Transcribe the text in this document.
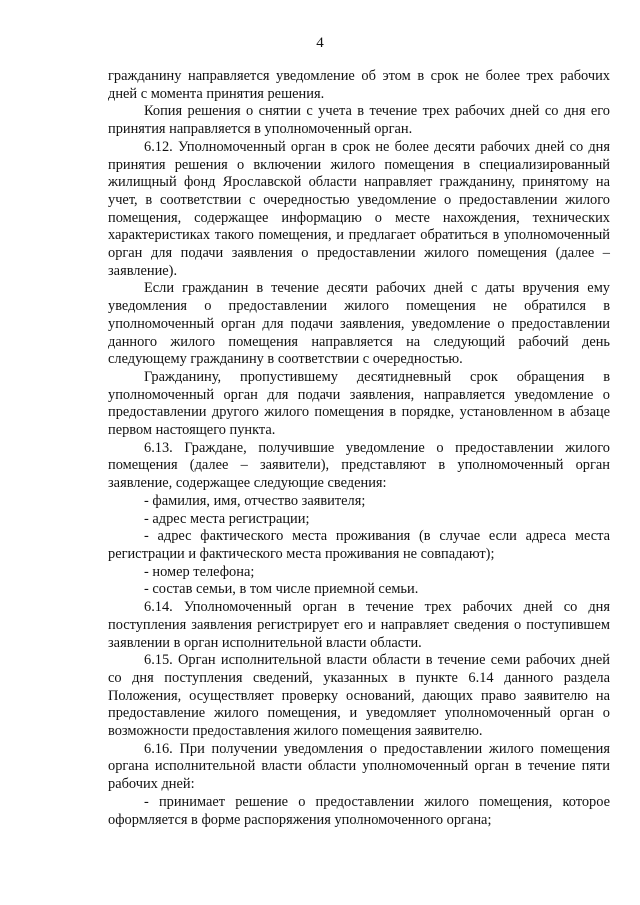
4

гражданину направляется уведомление об этом в срок не более трех рабочих дней с момента принятия решения.

Копия решения о снятии с учета в течение трех рабочих дней со дня его принятия направляется в уполномоченный орган.

6.12. Уполномоченный орган в срок не более десяти рабочих дней со дня принятия решения о включении жилого помещения в специализированный жилищный фонд Ярославской области направляет гражданину, принятому на учет, в соответствии с очередностью уведомление о предоставлении жилого помещения, содержащее информацию о месте нахождения, технических характеристиках такого помещения, и предлагает обратиться в уполномоченный орган для подачи заявления о предоставлении жилого помещения (далее – заявление).

Если гражданин в течение десяти рабочих дней с даты вручения ему уведомления о предоставлении жилого помещения не обратился в уполномоченный орган для подачи заявления, уведомление о предоставлении данного жилого помещения направляется на следующий рабочий день следующему гражданину в соответствии с очередностью.

Гражданину, пропустившему десятидневный срок обращения в уполномоченный орган для подачи заявления, направляется уведомление о предоставлении другого жилого помещения в порядке, установленном в абзаце первом настоящего пункта.

6.13. Граждане, получившие уведомление о предоставлении жилого помещения (далее – заявители), представляют в уполномоченный орган заявление, содержащее следующие сведения:

- фамилия, имя, отчество заявителя;

- адрес места регистрации;

- адрес фактического места проживания (в случае если адреса места регистрации и фактического места проживания не совпадают);

- номер телефона;

- состав семьи, в том числе приемной семьи.

6.14. Уполномоченный орган в течение трех рабочих дней со дня поступления заявления регистрирует его и направляет сведения о поступившем заявлении в орган исполнительной власти области.

6.15. Орган исполнительной власти области в течение семи рабочих дней со дня поступления сведений, указанных в пункте 6.14 данного раздела Положения, осуществляет проверку оснований, дающих право заявителю на предоставление жилого помещения, и уведомляет уполномоченный орган о возможности предоставления жилого помещения заявителю.

6.16. При получении уведомления о предоставлении жилого помещения органа исполнительной власти области уполномоченный орган в течение пяти рабочих дней:

- принимает решение о предоставлении жилого помещения, которое оформляется в форме распоряжения уполномоченного органа;
